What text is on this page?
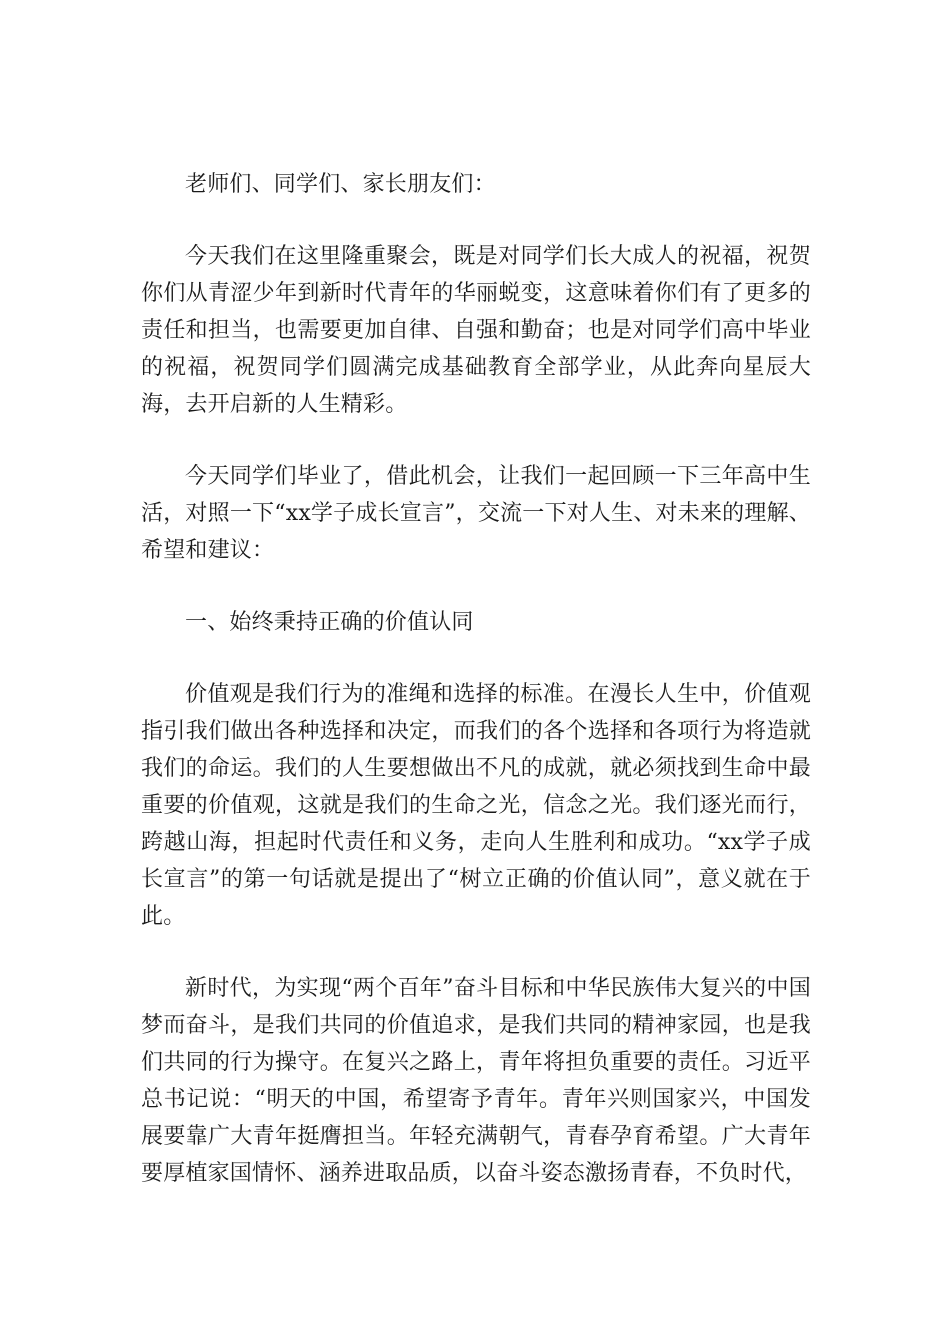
老师们、同学们、家长朋友们：

今天我们在这里隆重聚会，既是对同学们长大成人的祝福，祝贺你们从青涩少年到新时代青年的华丽蜕变，这意味着你们有了更多的责任和担当，也需要更加自律、自强和勤奋；也是对同学们高中毕业的祝福，祝贺同学们圆满完成基础教育全部学业，从此奔向星辰大海，去开启新的人生精彩。

今天同学们毕业了，借此机会，让我们一起回顾一下三年高中生活，对照一下“xx学子成长宣言”，交流一下对人生、对未来的理解、希望和建议：

一、始终秉持正确的价值认同

价值观是我们行为的准绳和选择的标准。在漫长人生中，价值观指引我们做出各种选择和决定，而我们的各个选择和各项行为将造就我们的命运。我们的人生要想做出不凡的成就，就必须找到生命中最重要的价值观，这就是我们的生命之光，信念之光。我们逐光而行，跨越山海，担起时代责任和义务，走向人生胜利和成功。“xx学子成长宣言”的第一句话就是提出了“树立正确的价值认同”，意义就在于此。

新时代，为实现“两个百年”奋斗目标和中华民族伟大复兴的中国梦而奋斗，是我们共同的价值追求，是我们共同的精神家园，也是我们共同的行为操守。在复兴之路上，青年将担负重要的责任。习近平总书记说：“明天的中国，希望寄予青年。青年兴则国家兴，中国发展要靠广大青年挺膺担当。年轻充满朝气，青春孕育希望。广大青年要厚植家国情怀、涵养进取品质，以奋斗姿态激扬青春，不负时代，
